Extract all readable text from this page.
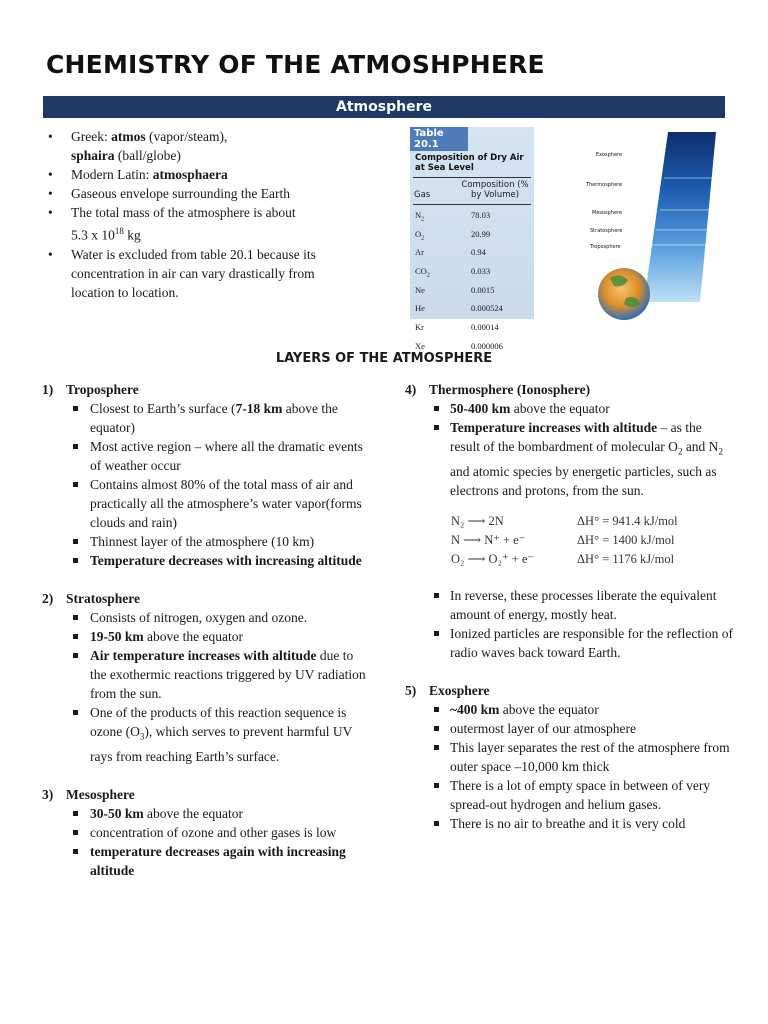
CHEMISTRY OF THE ATMOSHPHERE
Atmosphere
• Greek: atmos (vapor/steam),
sphaira (ball/globe)
• Modern Latin: atmosphaera
• Gaseous envelope surrounding the Earth
• The total mass of the atmosphere is about
5.3 x $10^{18}$ kg
• Water is excluded from table 20.1 because its concentration in air can vary drastically from location to location.
Table 20.1
Composition of Dry Air at Sea Level
Gas
Composition (% by Volume)
$N_2$	78.03
$O_2$	20.99
Ar	0.94
$CO_2$	0.033
Ne	0.0015
He	0.000524
Kr	0.00014
Xe	0.000006
Exosphere
Thermosphere
Mesosphere
Stratosphere
Troposphere
LAYERS OF THE ATMOSPHERE

1) Troposphere

Closest to Earth’s surface (7-18 km above the equator)
Most active region – where all the dramatic events of weather occur
Contains almost 80% of the total mass of air and practically all the atmosphere’s water vapor(forms clouds and rain)
Thinnest layer of the atmosphere (10 km)
Temperature decreases with increasing altitude

2) Stratosphere

Consists of nitrogen, oxygen and ozone.
19-50 km above the equator
Air temperature increases with altitude due to the exothermic reactions triggered by UV radiation from the sun.
One of the products of this reaction sequence is ozone $(O_3)$, which serves to prevent harmful UV rays from reaching Earth’s surface.

3) Mesosphere

30-50 km above the equator
concentration of ozone and other gases is low
temperature decreases again with increasing altitude

4) Thermosphere (Ionosphere)

50-400 km above the equator
Temperature increases with altitude – as the result of the bombardment of molecular $O_2$ and $N_2$ and atomic species by energetic particles, such as electrons and protons, from the sun.
N₂ ⟶ 2N	ΔH° = 941.4 kJ/mol
N ⟶ N⁺ + e⁻	ΔH° = 1400 kJ/mol
O₂ ⟶ O₂⁺ + e⁻	ΔH° = 1176 kJ/mol
In reverse, these processes liberate the equivalent amount of energy, mostly heat.
Ionized particles are responsible for the reflection of radio waves back toward Earth.

5) Exosphere

~400 km above the equator
outermost layer of our atmosphere
This layer separates the rest of the atmosphere from outer space –10,000 km thick
There is a lot of empty space in between of very spread-out hydrogen and helium gases.
There is no air to breathe and it is very cold
